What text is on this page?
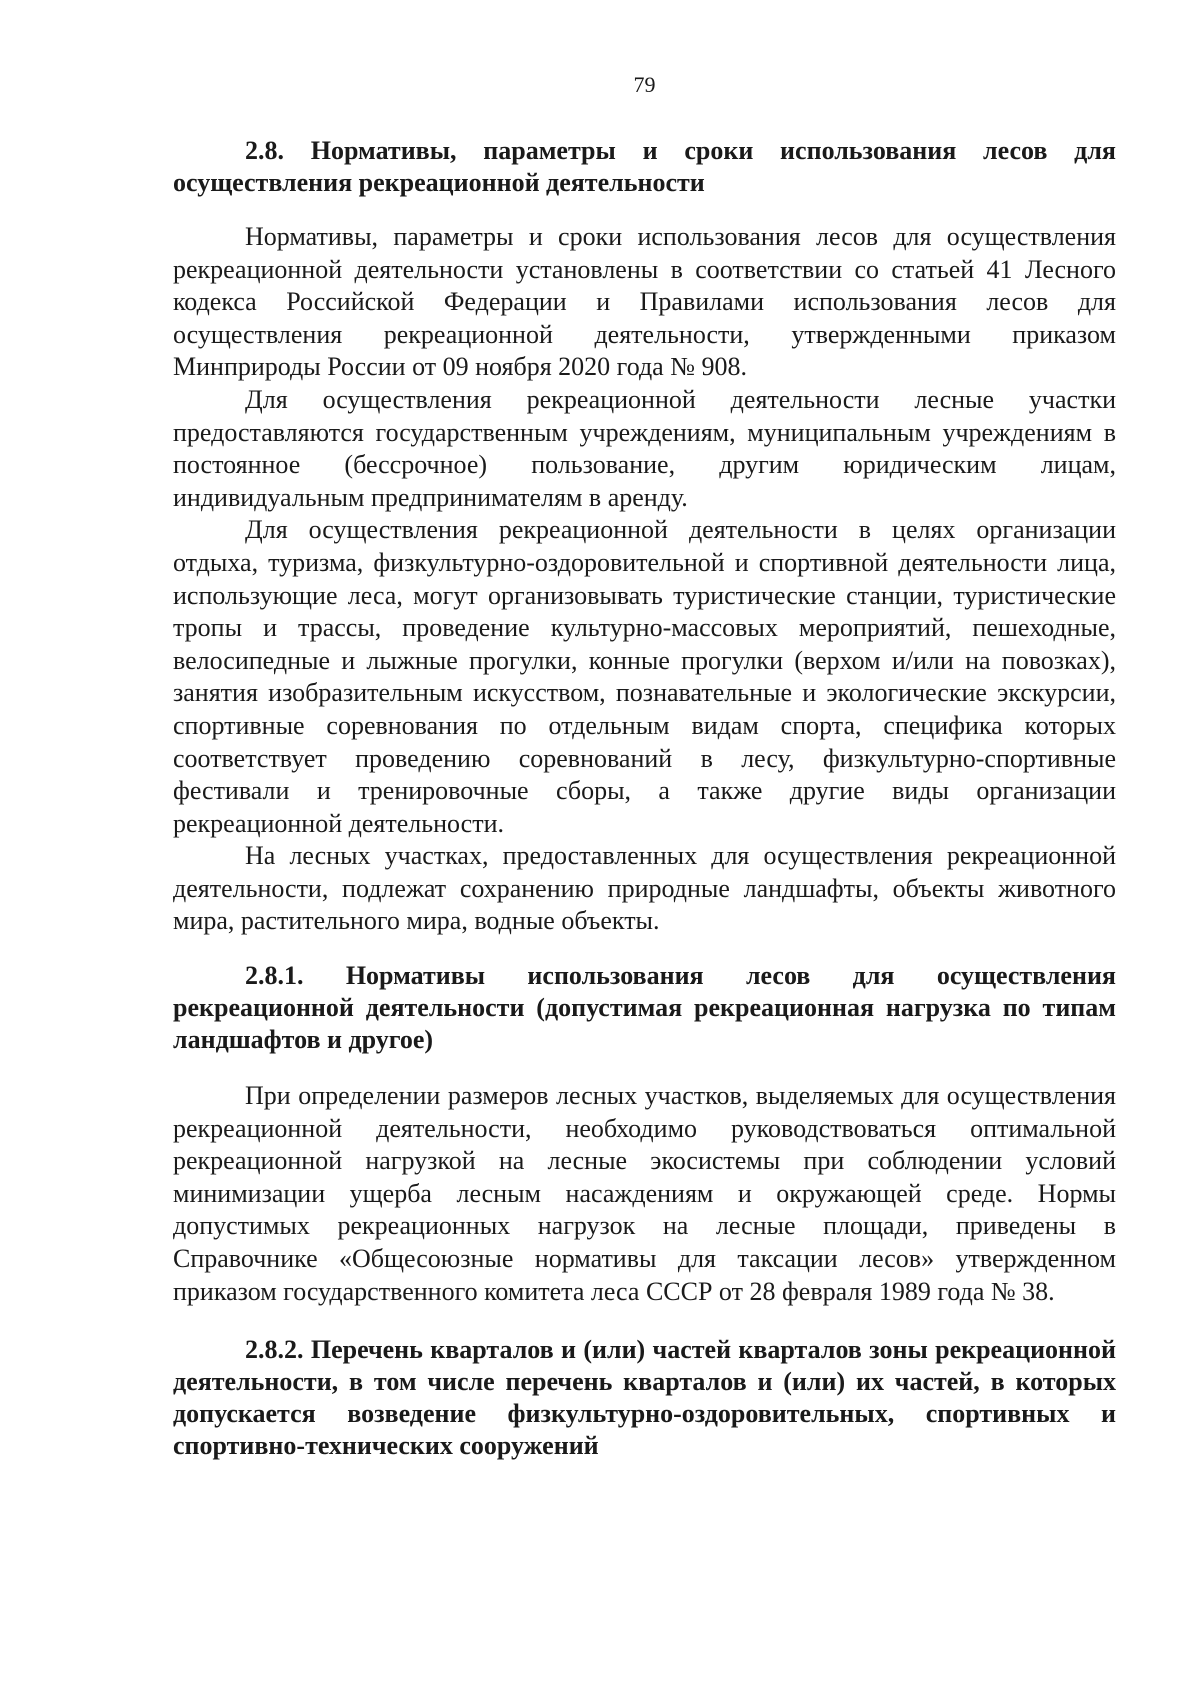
79

2.8. Нормативы, параметры и сроки использования лесов для осуществления рекреационной деятельности

Нормативы, параметры и сроки использования лесов для осуществления рекреационной деятельности установлены в соответствии со статьей 41 Лесного кодекса Российской Федерации и Правилами использования лесов для осуществления рекреационной деятельности, утвержденными приказом Минприроды России от 09 ноября 2020 года № 908.

Для осуществления рекреационной деятельности лесные участки предоставляются государственным учреждениям, муниципальным учреждениям в постоянное (бессрочное) пользование, другим юридическим лицам, индивидуальным предпринимателям в аренду.

Для осуществления рекреационной деятельности в целях организации отдыха, туризма, физкультурно-оздоровительной и спортивной деятельности лица, использующие леса, могут организовывать туристические станции, туристические тропы и трассы, проведение культурно-массовых мероприятий, пешеходные, велосипедные и лыжные прогулки, конные прогулки (верхом и/или на повозках), занятия изобразительным искусством, познавательные и экологические экскурсии, спортивные соревнования по отдельным видам спорта, специфика которых соответствует проведению соревнований в лесу, физкультурно-спортивные фестивали и тренировочные сборы, а также другие виды организации рекреационной деятельности.

На лесных участках, предоставленных для осуществления рекреационной деятельности, подлежат сохранению природные ландшафты, объекты животного мира, растительного мира, водные объекты.

2.8.1. Нормативы использования лесов для осуществления рекреационной деятельности (допустимая рекреационная нагрузка по типам ландшафтов и другое)

При определении размеров лесных участков, выделяемых для осуществления рекреационной деятельности, необходимо руководствоваться оптимальной рекреационной нагрузкой на лесные экосистемы при соблюдении условий минимизации ущерба лесным насаждениям и окружающей среде. Нормы допустимых рекреационных нагрузок на лесные площади, приведены в Справочнике «Общесоюзные нормативы для таксации лесов» утвержденном приказом государственного комитета леса СССР от 28 февраля 1989 года № 38.

2.8.2. Перечень кварталов и (или) частей кварталов зоны рекреационной деятельности, в том числе перечень кварталов и (или) их частей, в которых допускается возведение физкультурно-оздоровительных, спортивных и спортивно-технических сооружений
